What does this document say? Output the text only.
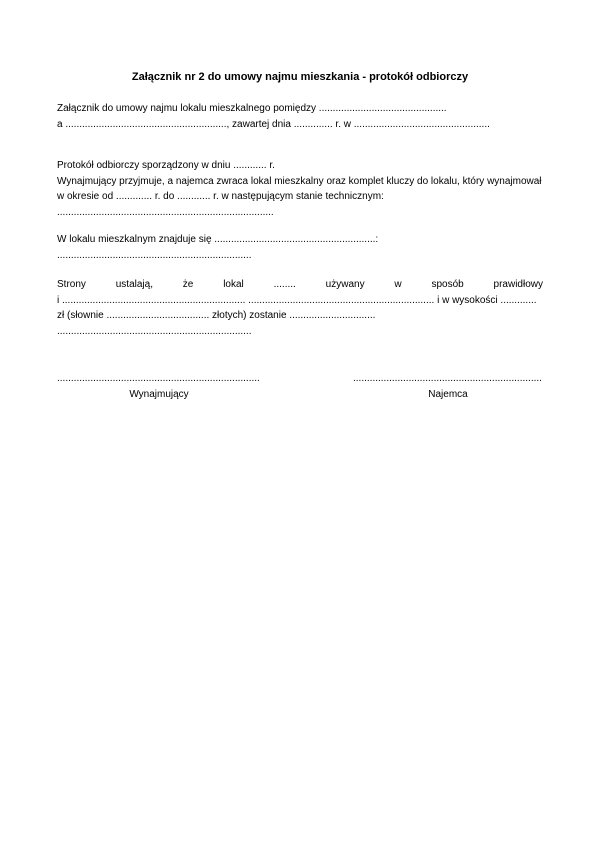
Załącznik nr 2 do umowy najmu mieszkania - protokół odbiorczy
Załącznik do umowy najmu lokalu mieszkalnego pomiędzy ..............................................
a .........................................................., zawartej dnia .............. r. w .................................................
Protokół odbiorczy sporządzony w dniu ............ r.
Wynajmujący przyjmuje, a najemca zwraca lokal mieszkalny oraz komplet kluczy do lokalu, który wynajmował
w okresie od ............. r. do ............ r. w następującym stanie technicznym:
..............................................................................
W lokalu mieszkalnym znajduje się ..........................................................:
......................................................................
Strony ustalają, że lokal ........ używany w sposób prawidłowy
i .................................................................. ................................................................... i w wysokości .............
zł (słownie ..................................... złotych) zostanie ...............................
......................................................................
.........................................................................
Wynajmujący
....................................................................
Najemca
